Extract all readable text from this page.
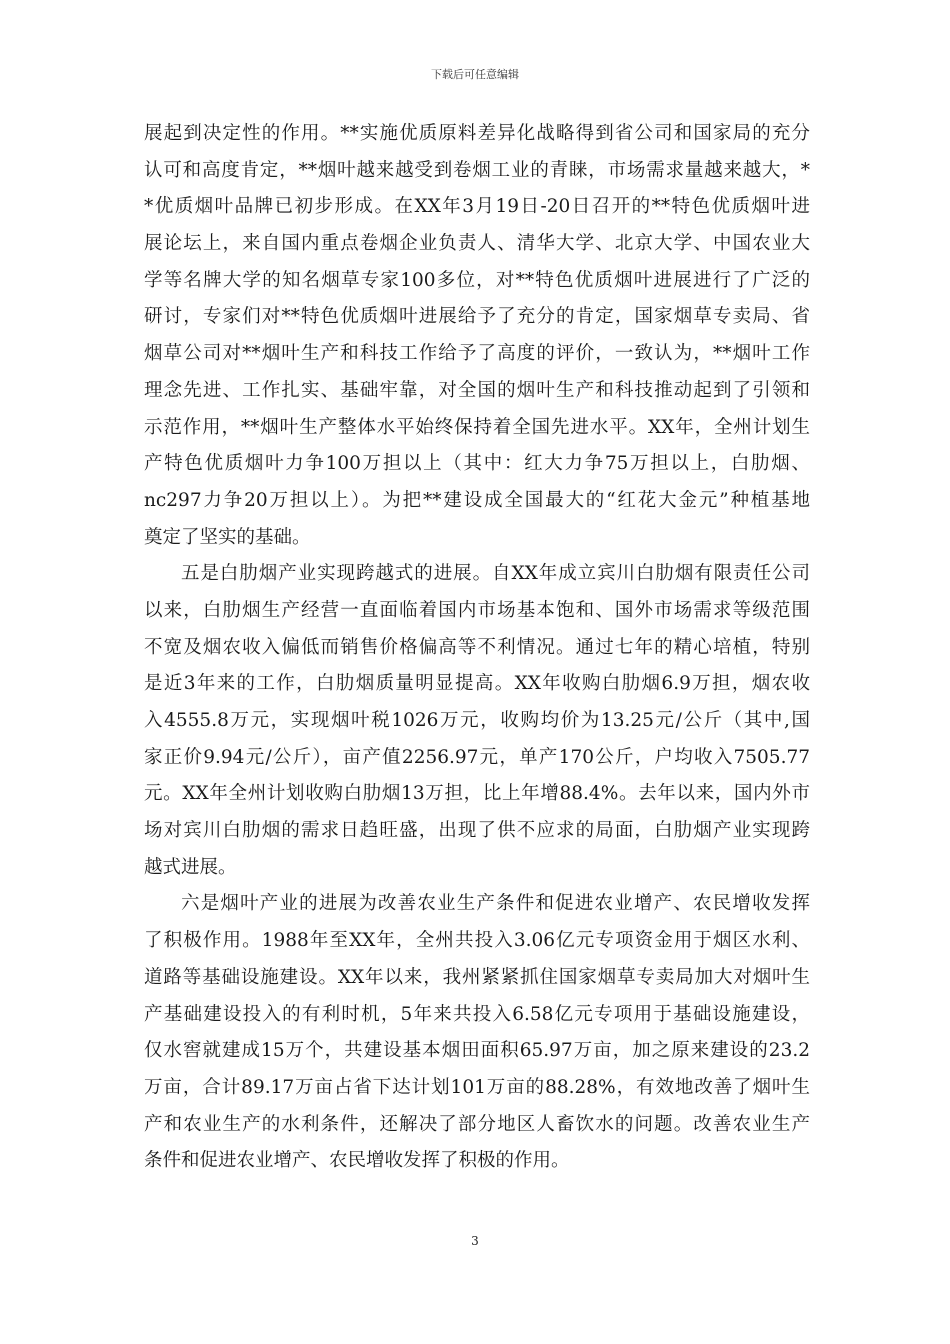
下载后可任意编辑
展起到决定性的作用。**实施优质原料差异化战略得到省公司和国家局的充分
认可和高度肯定，**烟叶越来越受到卷烟工业的青睐，市场需求量越来越大，*
*优质烟叶品牌已初步形成。在XX年3月19日-20日召开的**特色优质烟叶进
展论坛上，来自国内重点卷烟企业负责人、清华大学、北京大学、中国农业大
学等名牌大学的知名烟草专家100多位，对**特色优质烟叶进展进行了广泛的
研讨，专家们对**特色优质烟叶进展给予了充分的肯定，国家烟草专卖局、省
烟草公司对**烟叶生产和科技工作给予了高度的评价，一致认为，**烟叶工作
理念先进、工作扎实、基础牢靠，对全国的烟叶生产和科技推动起到了引领和
示范作用，**烟叶生产整体水平始终保持着全国先进水平。XX年，全州计划生
产特色优质烟叶力争100万担以上（其中：红大力争75万担以上，白肋烟、
nc297力争20万担以上）。为把**建设成全国最大的“红花大金元”种植基地
奠定了坚实的基础。
五是白肋烟产业实现跨越式的进展。自XX年成立宾川白肋烟有限责任公司
以来，白肋烟生产经营一直面临着国内市场基本饱和、国外市场需求等级范围
不宽及烟农收入偏低而销售价格偏高等不利情况。通过七年的精心培植，特别
是近3年来的工作，白肋烟质量明显提高。XX年收购白肋烟6.9万担，烟农收
入4555.8万元，实现烟叶税1026万元，收购均价为13.25元/公斤（其中,国
家正价9.94元/公斤），亩产值2256.97元，单产170公斤，户均收入7505.77
元。XX年全州计划收购白肋烟13万担，比上年增88.4%。去年以来，国内外市
场对宾川白肋烟的需求日趋旺盛，出现了供不应求的局面，白肋烟产业实现跨
越式进展。
六是烟叶产业的进展为改善农业生产条件和促进农业增产、农民增收发挥
了积极作用。1988年至XX年，全州共投入3.06亿元专项资金用于烟区水利、
道路等基础设施建设。XX年以来，我州紧紧抓住国家烟草专卖局加大对烟叶生
产基础建设投入的有利时机，5年来共投入6.58亿元专项用于基础设施建设，
仅水窖就建成15万个，共建设基本烟田面积65.97万亩，加之原来建设的23.2
万亩，合计89.17万亩占省下达计划101万亩的88.28%，有效地改善了烟叶生
产和农业生产的水利条件，还解决了部分地区人畜饮水的问题。改善农业生产
条件和促进农业增产、农民增收发挥了积极的作用。
3
